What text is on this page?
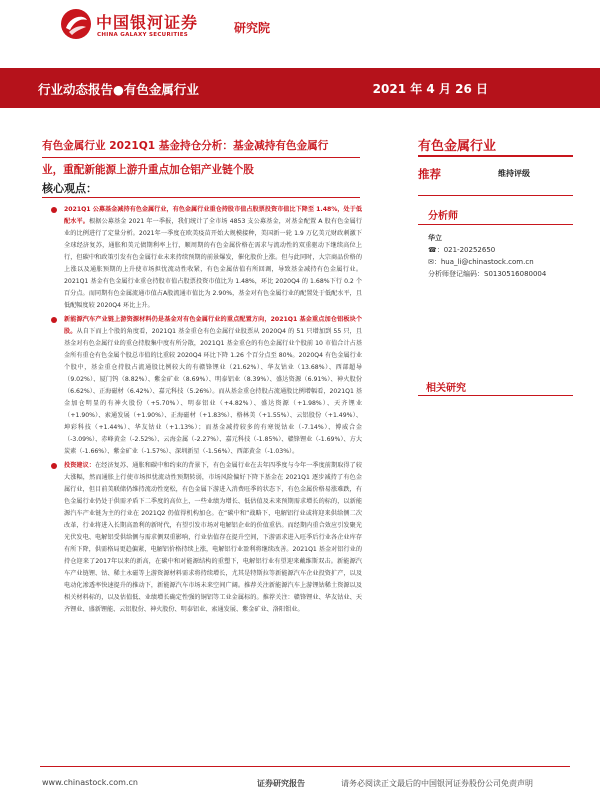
中国银河证券
CHINA GALAXY SECURITIES	研究院
行业动态报告●有色金属行业	2021 年 4 月 26 日
有色金属行业 2021Q1 基金持仓分析：基金减持有色金属行
业，重配新能源上游升重点加仓铝产业链个股
核心观点：
2021Q1 公募基金减持有色金属行业，有色金属行业重仓持股市值占股票投资市值比下降至 1.48%，处于低配水平。根据公募基金 2021 年一季报，我们统计了全市场 4853 支公募基金，对基金配置 A 股有色金属行业的比例进行了定量分析。2021年一季度在欧美疫苗开始大规模接种，美国新一轮 1.9 万亿美元财政刺激下全球经济复苏，通胀和美元债期利率上行，顺周期的有色金属价格在需求与流动性的双重驱动下继续高位上行，但碳中和政策引发有色金属行业未来持续预期的前景爆发，催化股价上涨。但与此同时，大宗商品价格的上涨以及通胀预期的上升使市场担忧流动性收紧，有色金属估值有所回调，导致基金减持有色金属行业。2021Q1 基金有色金属行业重仓持股市值占股票投资市值比为 1.48%，环比 2020Q4 的 1.68%下行 0.2 个百分点。而同期有色金属流通市值占A股流通市值比为 2.90%，基金对有色金属行业的配置处于低配水平，且低配幅度较 2020Q4 环比上升。
新能源汽车产业链上游资源材料仍是基金对有色金属行业的重点配置方向，2021Q1 基金重点加仓铝板块个股。从自下而上个股的角度看，2021Q1 基金重仓有色金属行业股票从 2020Q4 的 51 只增加到 55 只，且基金对有色金属行业的重仓持股集中度有所分散，2021Q1 基金重仓的有色金属行业个股前 10 市值合计占基金所有重仓有色金属个股总市值的比重较 2020Q4 环比下降 1.26 个百分点至 80%。2020Q4 有色金属行业个股中，基金重仓持股占流通股比例较大的有赣锋锂业（21.62%）、华友钴业（13.68%）、西部超导（9.02%）、厦门钨（8.82%）、紫金矿业（8.69%）、明泰铝业（8.39%）、盛达资源（6.91%）、神火股份（6.62%）、正海磁材（6.42%）、嘉元科技（5.26%）。而从基金重仓持股占流通股比例增幅看，2021Q1 基金加仓明显的有神火股份（+5.70%）、明泰铝业（+4.82%）、盛达资源（+1.98%）、天齐锂业（+1.90%）、索通发展（+1.90%）、正海磁材（+1.83%）、格林美（+1.55%）、云铝股份（+1.49%）、坤彩科技（+1.44%）、华友钴业（+1.13%）；而基金减持较多的有寒锐钴业（-7.14%）、博威合金（-3.09%）、赤峰黄金（-2.52%）、云海金属（-2.27%）、嘉元科技（-1.85%）、赣锋锂业（-1.69%）、方大炭素（-1.66%）、紫金矿业（-1.57%）、深圳新星（-1.56%）、西部黄金（-1.03%）。
投资建议：在经济复苏、通胀和碳中和约束的背景下，有色金属行业在去年四季度与今年一季度前期取得了较大涨幅，然而通胀上行使市场担忧流动性预期转弱，市场风险偏好下降下基金在 2021Q1 逐步减持了有色金属行业，但目前美联储仍维持流动性宽松，有色金属下游进入消费旺季的状态下，有色金属价格易涨难跌，有色金属行业仍处于供需矛盾下二季度的高位上，一些业绩为增长、低估值及未来预期需求增长的标的，以新能源汽车产业链为主的行业在 2021Q2 仍值得机构加仓。在“碳中和”战略下，电解铝行业或将迎来供给侧二次改革，行业将进入长期高盈利的新时代，有望引发市场对电解铝企业的价值重估。而经期内重合效应引发聚光光伏发电、电解铝受供给侧与需求侧双重影响，行业估值存在提升空间，下游需求进入旺季后行业各企业库存有所下降，供需格局更趋偏紧，电解铝价格持续上涨，电解铝行业盈利将继续改善。2021Q1 基金对铝行业的持仓迎来了2017年以来的新高，在碳中和对能源结构的重塑下，电解铝行业有望迎来戴维斯双击。新能源汽车产业链锂、钴、稀土永磁等上游资源材料需求将持续增长，尤其是特斯拉等新能源汽车企业投资扩产，以及电动化渗透率快速提升的推动下，新能源汽车市场未来空间广阔。推荐关注新能源汽车上游锂钴稀土资源以及相关材料标的，以及估值低、业绩增长确定性强的铜铝等工业金属标的。推荐关注：赣锋锂业、华友钴业、天齐锂业、盛新锂能、云铝股份、神火股份、明泰铝业、索通发展、紫金矿业、洛阳钼业。
有色金属行业
推荐	维持评级
分析师
华立
☎：021-20252650
✉：hua_li@chinastock.com.cn
分析师登记编码：S0130516080004
相关研究
www.chinastock.com.cn	证券研究报告	请务必阅读正文最后的中国银河证券股份公司免责声明
